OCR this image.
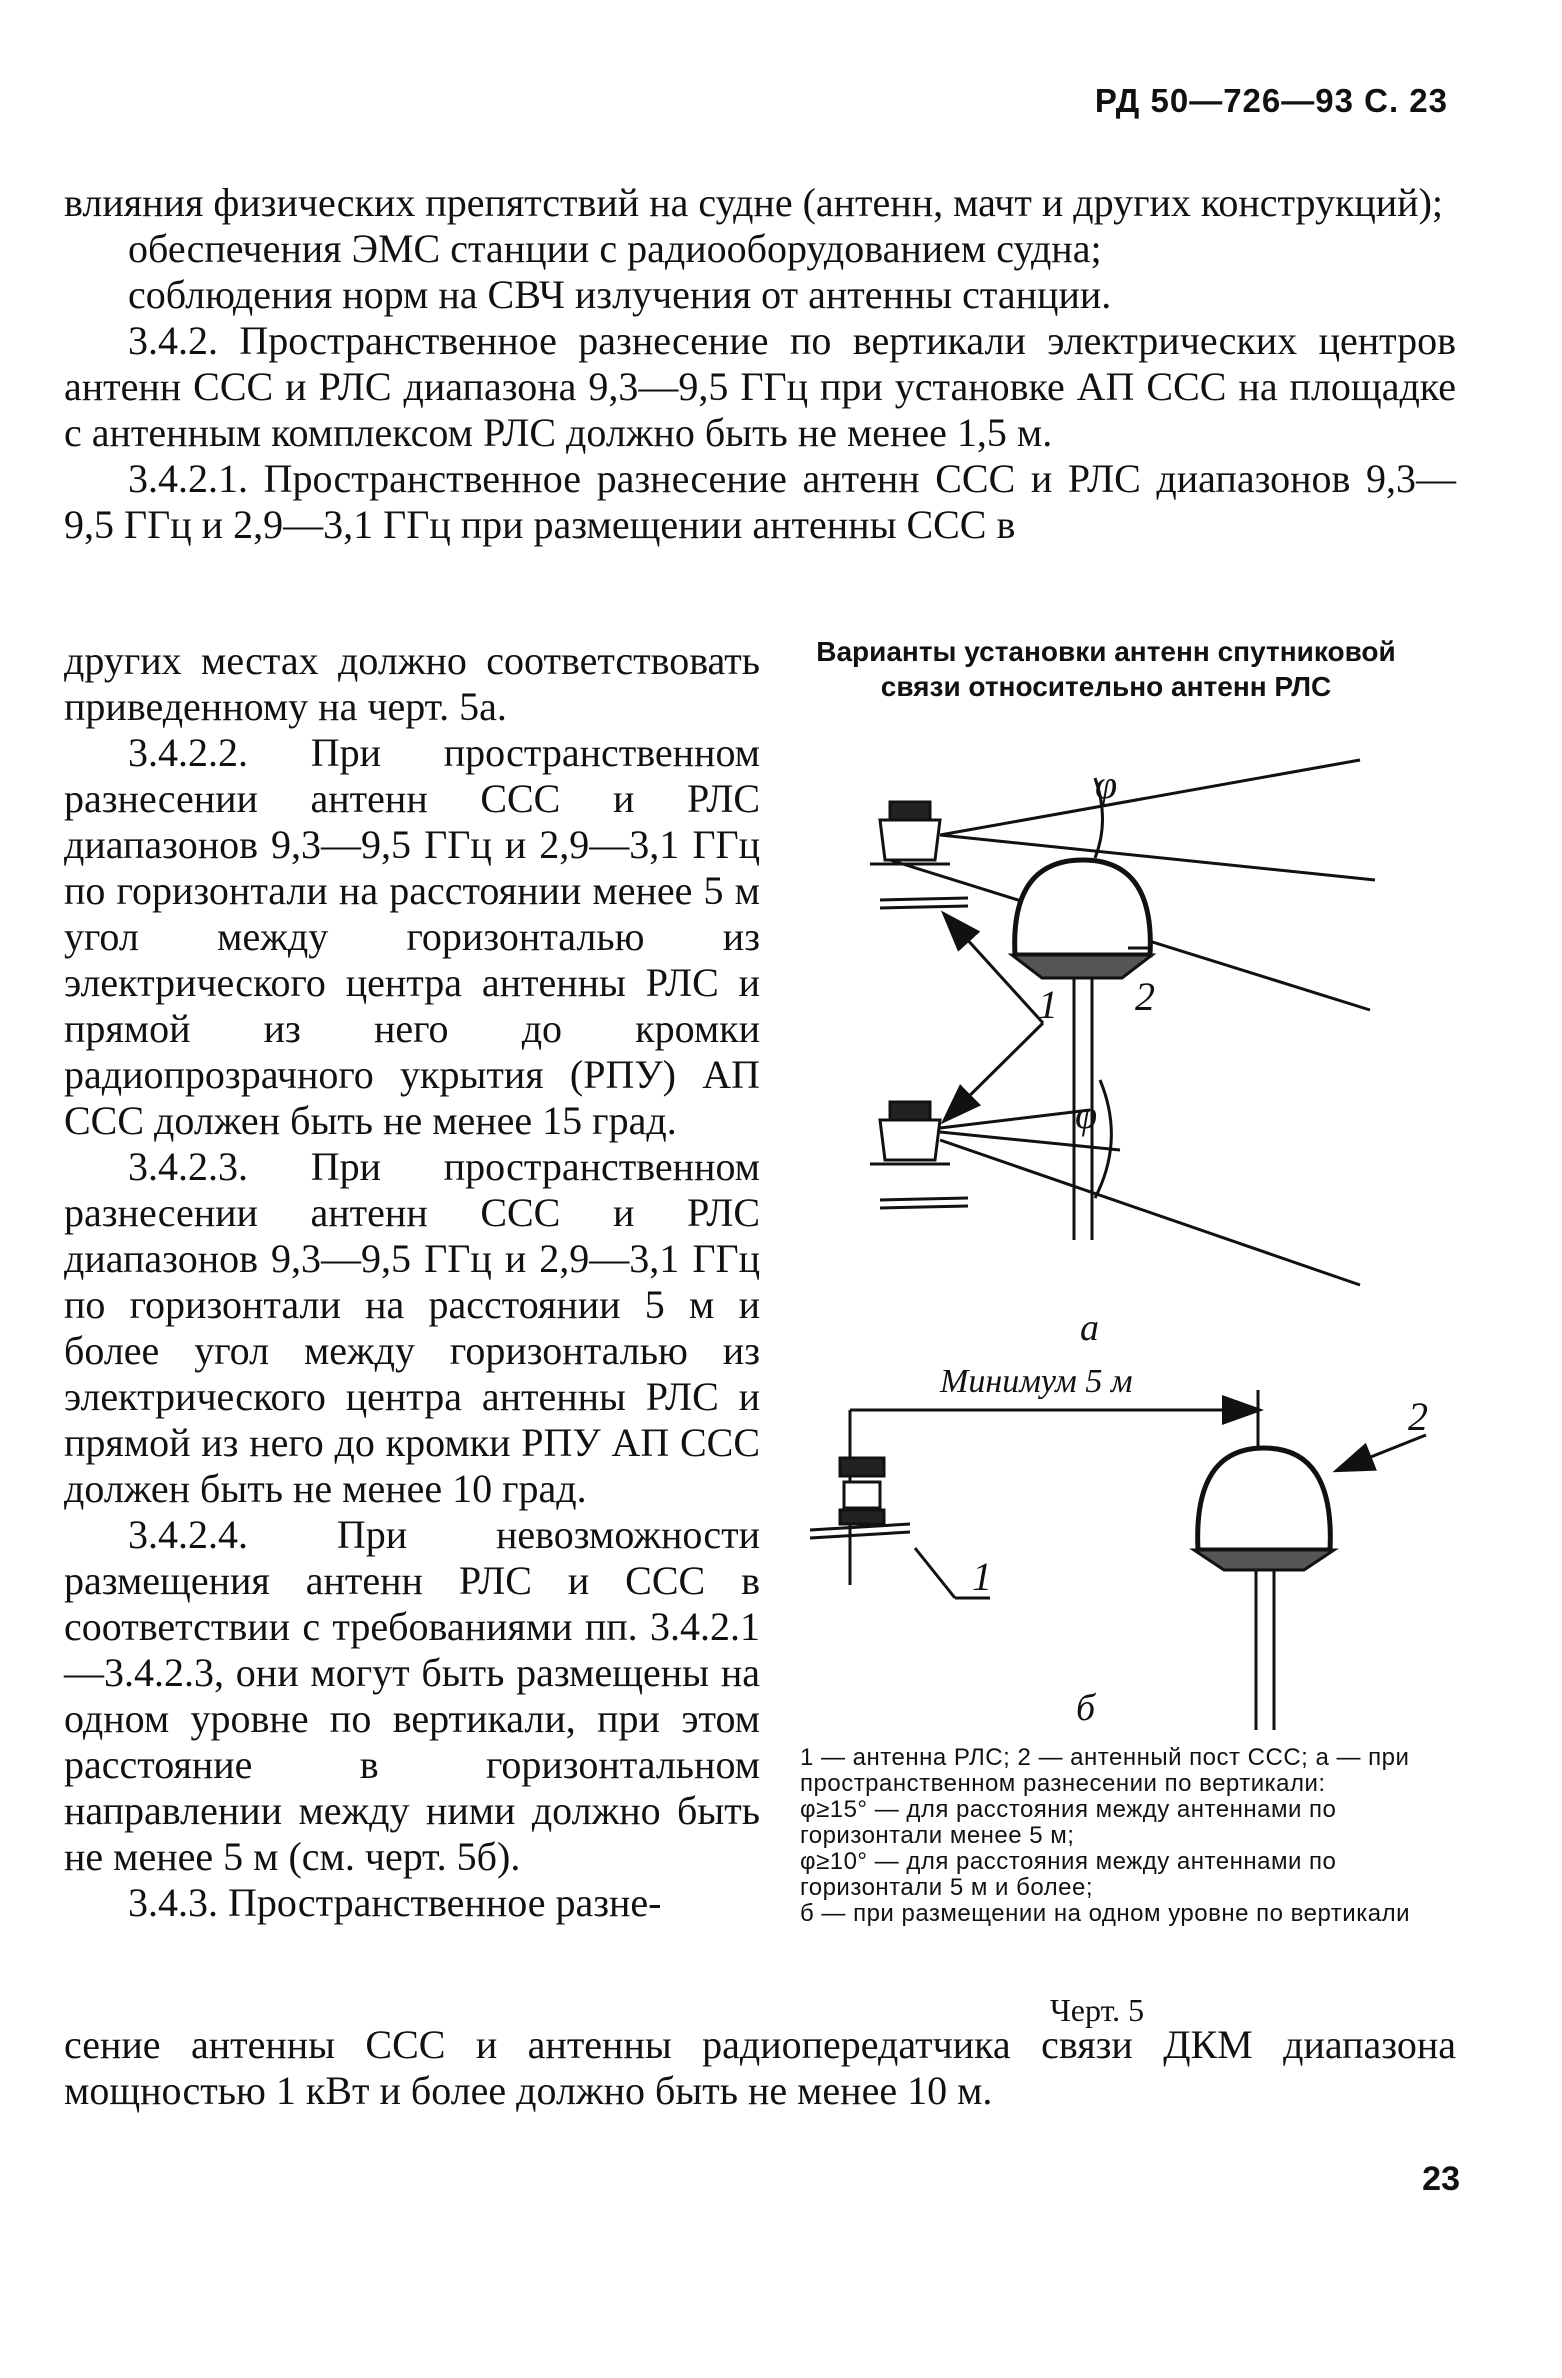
РД 50—726—93 С. 23

влияния физических препятствий на судне (антенн, мачт и других конструкций);

обеспечения ЭМС станции с радиооборудованием судна;

соблюдения норм на СВЧ излучения от антенны станции.

3.4.2. Пространственное разнесение по вертикали электрических центров антенн ССС и РЛС диапазона 9,3—9,5 ГГц при установке АП ССС на площадке с антенным комплексом РЛС должно быть не менее 1,5 м.

3.4.2.1. Пространственное разнесение антенн ССС и РЛС диапазонов 9,3—9,5 ГГц и 2,9—3,1 ГГц при размещении антенны ССС в

других местах должно соответствовать приведенному на черт. 5а.

3.4.2.2. При пространственном разнесении антенн ССС и РЛС диапазонов 9,3—9,5 ГГц и 2,9—3,1 ГГц по горизонтали на расстоянии менее 5 м угол между горизонталью из электрического центра антенны РЛС и прямой из него до кромки радиопрозрачного укрытия (РПУ) АП ССС должен быть не менее 15 град.

3.4.2.3. При пространственном разнесении антенн ССС и РЛС диапазонов 9,3—9,5 ГГц и 2,9—3,1 ГГц по горизонтали на расстоянии 5 м и более угол между горизонталью из электрического центра антенны РЛС и прямой из него до кромки РПУ АП ССС должен быть не менее 10 град.

3.4.2.4. При невозможности размещения антенн РЛС и ССС в соответствии с требованиями пп. 3.4.2.1—3.4.2.3, они могут быть размещены на одном уровне по вертикали, при этом расстояние в горизонтальном направлении между ними должно быть не менее 5 м (см. черт. 5б).

3.4.3. Пространственное разне-

Варианты установки антенн спутниковой связи относительно антенн РЛС
φ
1 2
φ
a
Минимум 5 м
2
1
б

1 — антенна РЛС; 2 — антенный пост ССС; а — при пространственном разнесении по вертикали:

φ≥15° — для расстояния между антеннами по горизонтали менее 5 м;

φ≥10° — для расстояния между антеннами по горизонтали 5 м и более;

б — при размещении на одном уровне по вертикали

Черт. 5

сение антенны ССС и антенны радиопередатчика связи ДКМ диапазона мощностью 1 кВт и более должно быть не менее 10 м.

23
